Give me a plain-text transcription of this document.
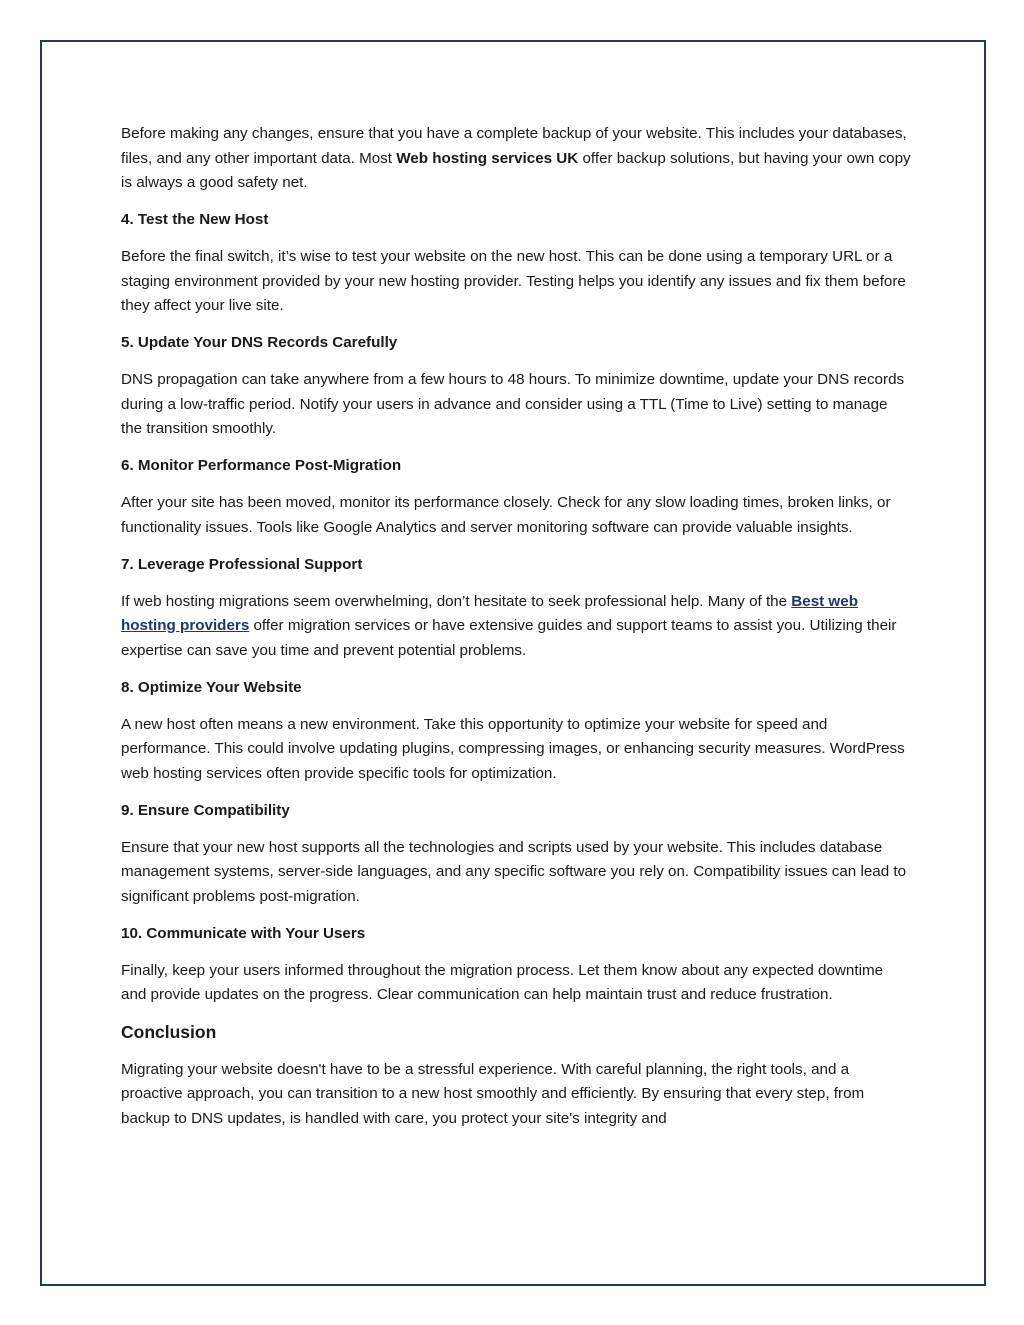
Before making any changes, ensure that you have a complete backup of your website. This includes your databases, files, and any other important data. Most Web hosting services UK offer backup solutions, but having your own copy is always a good safety net.

4. Test the New Host

Before the final switch, it’s wise to test your website on the new host. This can be done using a temporary URL or a staging environment provided by your new hosting provider. Testing helps you identify any issues and fix them before they affect your live site.

5. Update Your DNS Records Carefully

DNS propagation can take anywhere from a few hours to 48 hours. To minimize downtime, update your DNS records during a low-traffic period. Notify your users in advance and consider using a TTL (Time to Live) setting to manage the transition smoothly.

6. Monitor Performance Post-Migration

After your site has been moved, monitor its performance closely. Check for any slow loading times, broken links, or functionality issues. Tools like Google Analytics and server monitoring software can provide valuable insights.

7. Leverage Professional Support

If web hosting migrations seem overwhelming, don’t hesitate to seek professional help. Many of the Best web hosting providers offer migration services or have extensive guides and support teams to assist you. Utilizing their expertise can save you time and prevent potential problems.

8. Optimize Your Website

A new host often means a new environment. Take this opportunity to optimize your website for speed and performance. This could involve updating plugins, compressing images, or enhancing security measures. WordPress web hosting services often provide specific tools for optimization.

9. Ensure Compatibility

Ensure that your new host supports all the technologies and scripts used by your website. This includes database management systems, server-side languages, and any specific software you rely on. Compatibility issues can lead to significant problems post-migration.

10. Communicate with Your Users

Finally, keep your users informed throughout the migration process. Let them know about any expected downtime and provide updates on the progress. Clear communication can help maintain trust and reduce frustration.

Conclusion

Migrating your website doesn't have to be a stressful experience. With careful planning, the right tools, and a proactive approach, you can transition to a new host smoothly and efficiently. By ensuring that every step, from backup to DNS updates, is handled with care, you protect your site's integrity and
